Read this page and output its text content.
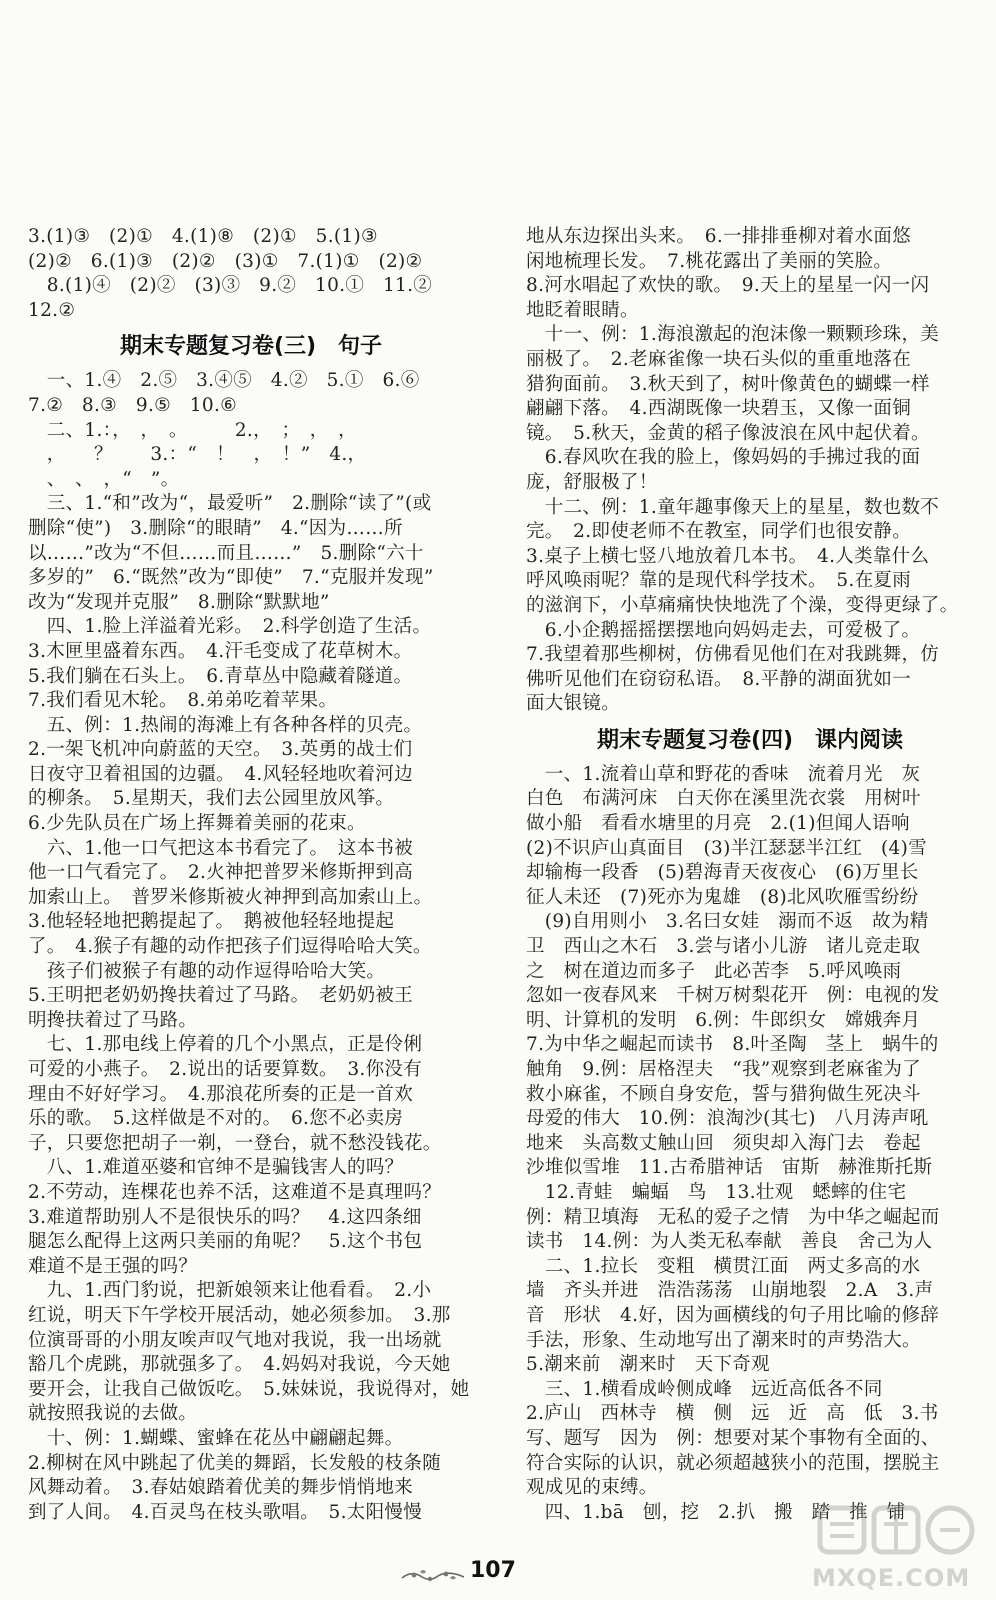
3.(1)③　(2)①　4.(1)⑧　(2)①　5.(1)③
(2)②　6.(1)③　(2)②　(3)①　7.(1)①　(2)②
　8.(1)④　(2)②　(3)③　9.②　10.①　11.②
12.②
期末专题复习卷(三)　句子
　一、1.④　2.⑤　3.④⑤　4.②　5.①　6.⑥
7.②　8.③　9.⑤　10.⑥
　二、1.：，　，　。　　　2.，　；　，　，
　，　　？　　3.：“　！　，　！”　4.，
　、　、　，“　”。
　三、1.“和”改为“，最爱听”　2.删除“读了”(或
删除“使”)　3.删除“的眼睛”　4.“因为……所
以……”改为“不但……而且……”　5.删除“六十
多岁的”　6.“既然”改为“即使”　7.“克服并发现”
改为“发现并克服”　8.删除“默默地”
　四、1.脸上洋溢着光彩。　2.科学创造了生活。
3.木匣里盛着东西。　4.汗毛变成了花草树木。
5.我们躺在石头上。　6.青草丛中隐藏着隧道。
7.我们看见木轮。　8.弟弟吃着苹果。
　五、例：1.热闹的海滩上有各种各样的贝壳。
2.一架飞机冲向蔚蓝的天空。　3.英勇的战士们
日夜守卫着祖国的边疆。　4.风轻轻地吹着河边
的柳条。　5.星期天，我们去公园里放风筝。
6.少先队员在广场上挥舞着美丽的花束。
　六、1.他一口气把这本书看完了。　这本书被
他一口气看完了。　2.火神把普罗米修斯押到高
加索山上。　普罗米修斯被火神押到高加索山上。
3.他轻轻地把鹅提起了。　鹅被他轻轻地提起
了。　4.猴子有趣的动作把孩子们逗得哈哈大笑。
　孩子们被猴子有趣的动作逗得哈哈大笑。
5.王明把老奶奶搀扶着过了马路。　老奶奶被王
明搀扶着过了马路。
　七、1.那电线上停着的几个小黑点，正是伶俐
可爱的小燕子。　2.说出的话要算数。　3.你没有
理由不好好学习。　4.那浪花所奏的正是一首欢
乐的歌。　5.这样做是不对的。　6.您不必卖房
子，只要您把胡子一剃，一登台，就不愁没钱花。
　八、1.难道巫婆和官绅不是骗钱害人的吗？
2.不劳动，连棵花也养不活，这难道不是真理吗？
3.难道帮助别人不是很快乐的吗？　4.这四条细
腿怎么配得上这两只美丽的角呢？　5.这个书包
难道不是王强的吗？
　九、1.西门豹说，把新娘领来让他看看。　2.小
红说，明天下午学校开展活动，她必须参加。　3.那
位演哥哥的小朋友唉声叹气地对我说，我一出场就
豁几个虎跳，那就强多了。　4.妈妈对我说，今天她
要开会，让我自己做饭吃。　5.妹妹说，我说得对，她
就按照我说的去做。
　十、例：1.蝴蝶、蜜蜂在花丛中翩翩起舞。
2.柳树在风中跳起了优美的舞蹈，长发般的枝条随
风舞动着。　3.春姑娘踏着优美的舞步悄悄地来
到了人间。　4.百灵鸟在枝头歌唱。　5.太阳慢慢
地从东边探出头来。　6.一排排垂柳对着水面悠
闲地梳理长发。　7.桃花露出了美丽的笑脸。
8.河水唱起了欢快的歌。　9.天上的星星一闪一闪
地眨着眼睛。
　十一、例：1.海浪激起的泡沫像一颗颗珍珠，美
丽极了。　2.老麻雀像一块石头似的重重地落在
猎狗面前。　3.秋天到了，树叶像黄色的蝴蝶一样
翩翩下落。　4.西湖既像一块碧玉，又像一面铜
镜。　5.秋天，金黄的稻子像波浪在风中起伏着。
　6.春风吹在我的脸上，像妈妈的手拂过我的面
庞，舒服极了！
　十二、例：1.童年趣事像天上的星星，数也数不
完。　2.即使老师不在教室，同学们也很安静。
3.桌子上横七竖八地放着几本书。　4.人类靠什么
呼风唤雨呢？靠的是现代科学技术。　5.在夏雨
的滋润下，小草痛痛快快地洗了个澡，变得更绿了。
　6.小企鹅摇摇摆摆地向妈妈走去，可爱极了。
7.我望着那些柳树，仿佛看见他们在对我跳舞，仿
佛听见他们在窃窃私语。　8.平静的湖面犹如一
面大银镜。
期末专题复习卷(四)　课内阅读
　一、1.流着山草和野花的香味　流着月光　灰
白色　布满河床　白天你在溪里洗衣裳　用树叶
做小船　看看水塘里的月亮　2.(1)但闻人语响
(2)不识庐山真面目　(3)半江瑟瑟半江红　(4)雪
却输梅一段香　(5)碧海青天夜夜心　(6)万里长
征人未还　(7)死亦为鬼雄　(8)北风吹雁雪纷纷
　(9)自用则小　3.名曰女娃　溺而不返　故为精
卫　西山之木石　3.尝与诸小儿游　诸儿竞走取
之　树在道边而多子　此必苦李　5.呼风唤雨
忽如一夜春风来　千树万树梨花开　例：电视的发
明、计算机的发明　6.例：牛郎织女　嫦娥奔月
7.为中华之崛起而读书　8.叶圣陶　茎上　蜗牛的
触角　9.例：居格涅夫　“我”观察到老麻雀为了
救小麻雀，不顾自身安危，誓与猎狗做生死决斗
母爱的伟大　10.例：浪淘沙(其七)　八月涛声吼
地来　头高数丈触山回　须臾却入海门去　卷起
沙堆似雪堆　11.古希腊神话　宙斯　赫淮斯托斯
　12.青蛙　蝙蝠　鸟　13.壮观　蟋蟀的住宅
例：精卫填海　无私的爱子之情　为中华之崛起而
读书　14.例：为人类无私奉献　善良　舍己为人
　二、1.拉长　变粗　横贯江面　两丈多高的水
墙　齐头并进　浩浩荡荡　山崩地裂　2.A　3.声
音　形状　4.好，因为画横线的句子用比喻的修辞
手法，形象、生动地写出了潮来时的声势浩大。
5.潮来前　潮来时　天下奇观
　三、1.横看成岭侧成峰　远近高低各不同
2.庐山　西林寺　横　侧　远　近　高　低　3.书
写、题写　因为　例：想要对某个事物有全面的、
符合实际的认识，就必须超越狭小的范围，摆脱主
观成见的束缚。
　四、1.bā　刨，挖　2.扒　搬　踏　推　铺
107	MXQE.COM
